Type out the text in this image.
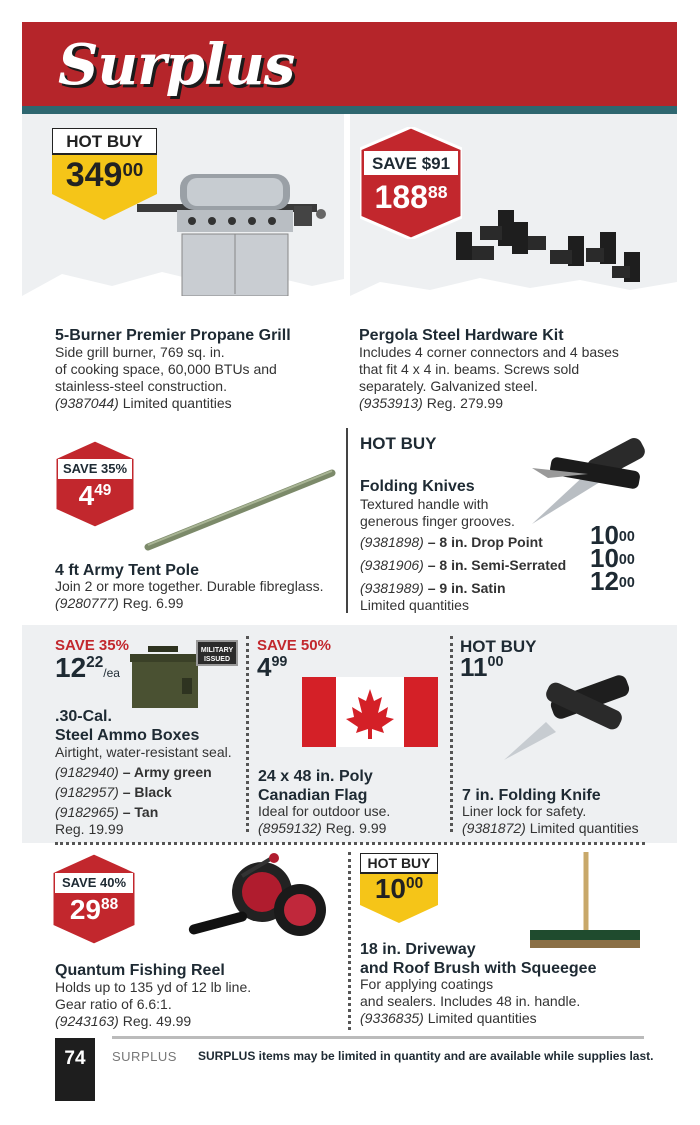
Surplus
HOT BUY
$349^{00}$
5-Burner Premier Propane Grill
Side grill burner, 769 sq. in.
of cooking space, 60,000 BTUs and
stainless-steel construction.
(9387044) Limited quantities
SAVE $91
$188^{88}$
Pergola Steel Hardware Kit
Includes 4 corner connectors and 4 bases
that fit 4 x 4 in. beams. Screws sold
separately. Galvanized steel.
(9353913) Reg. 279.99
SAVE 35%
$4^{49}$
4 ft Army Tent Pole
Join 2 or more together. Durable fibreglass.
(9280777) Reg. 6.99
HOT BUY
Folding Knives
Textured handle with
generous finger grooves.
(9381898) – 8 in. Drop Point
(9381906) – 8 in. Semi-Serrated
(9381989) – 9 in. Satin
Limited quantities
$10^{00}$
$10^{00}$
$12^{00}$
SAVE 35%
$12^{22}/ea$
MILITARY
ISSUED
.30-Cal.
Steel Ammo Boxes
Airtight, water-resistant seal.
(9182940) – Army green
(9182957) – Black
(9182965) – Tan
Reg. 19.99
SAVE 50%
$4^{99}$
24 x 48 in. Poly
Canadian Flag
Ideal for outdoor use.
(8959132) Reg. 9.99
HOT BUY
$11^{00}$
7 in. Folding Knife
Liner lock for safety.
(9381872) Limited quantities
SAVE 40%
$29^{88}$
Quantum Fishing Reel
Holds up to 135 yd of 12 lb line.
Gear ratio of 6.6:1.
(9243163) Reg. 49.99
HOT BUY
$10^{00}$
18 in. Driveway
and Roof Brush with Squeegee
For applying coatings
and sealers. Includes 48 in. handle.
(9336835) Limited quantities
74	SURPLUS SURPLUS items may be limited in quantity and are available while supplies last.
